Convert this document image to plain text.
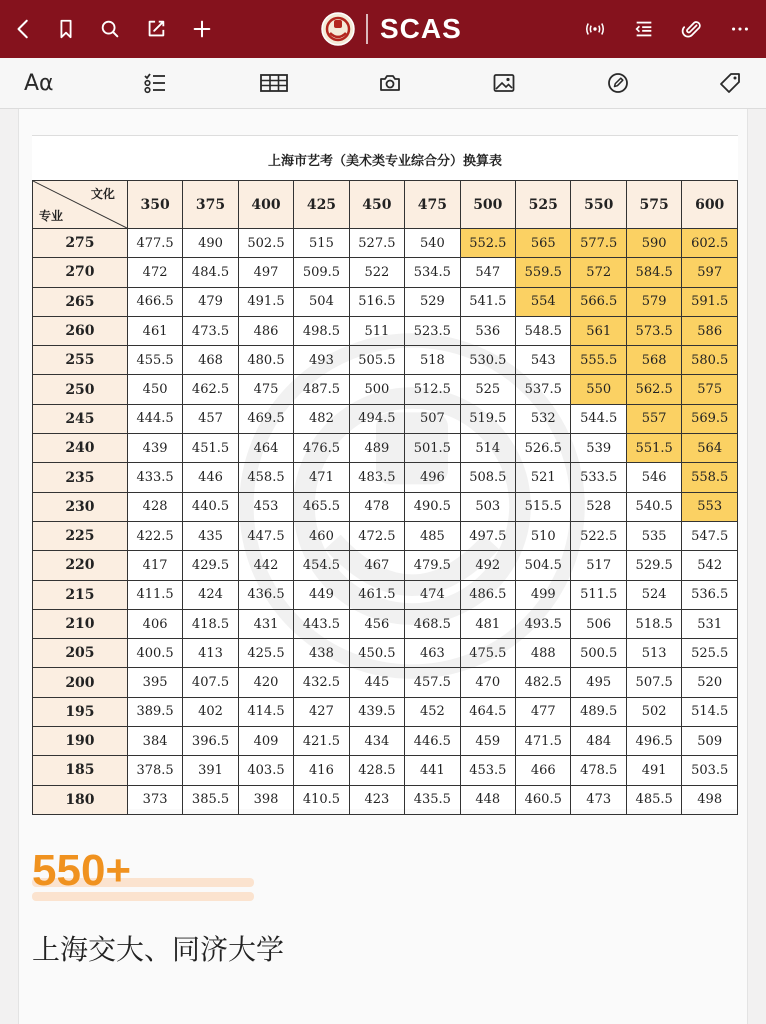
SCAS
Aα
上海市艺考（美术类专业综合分）换算表
文化
专业	350	375	400	425	450	475	500	525	550	575	600
275	477.5	490	502.5	515	527.5	540	552.5	565	577.5	590	602.5
270	472	484.5	497	509.5	522	534.5	547	559.5	572	584.5	597
265	466.5	479	491.5	504	516.5	529	541.5	554	566.5	579	591.5
260	461	473.5	486	498.5	511	523.5	536	548.5	561	573.5	586
255	455.5	468	480.5	493	505.5	518	530.5	543	555.5	568	580.5
250	450	462.5	475	487.5	500	512.5	525	537.5	550	562.5	575
245	444.5	457	469.5	482	494.5	507	519.5	532	544.5	557	569.5
240	439	451.5	464	476.5	489	501.5	514	526.5	539	551.5	564
235	433.5	446	458.5	471	483.5	496	508.5	521	533.5	546	558.5
230	428	440.5	453	465.5	478	490.5	503	515.5	528	540.5	553
225	422.5	435	447.5	460	472.5	485	497.5	510	522.5	535	547.5
220	417	429.5	442	454.5	467	479.5	492	504.5	517	529.5	542
215	411.5	424	436.5	449	461.5	474	486.5	499	511.5	524	536.5
210	406	418.5	431	443.5	456	468.5	481	493.5	506	518.5	531
205	400.5	413	425.5	438	450.5	463	475.5	488	500.5	513	525.5
200	395	407.5	420	432.5	445	457.5	470	482.5	495	507.5	520
195	389.5	402	414.5	427	439.5	452	464.5	477	489.5	502	514.5
190	384	396.5	409	421.5	434	446.5	459	471.5	484	496.5	509
185	378.5	391	403.5	416	428.5	441	453.5	466	478.5	491	503.5
180	373	385.5	398	410.5	423	435.5	448	460.5	473	485.5	498
550+
上海交大、同济大学
